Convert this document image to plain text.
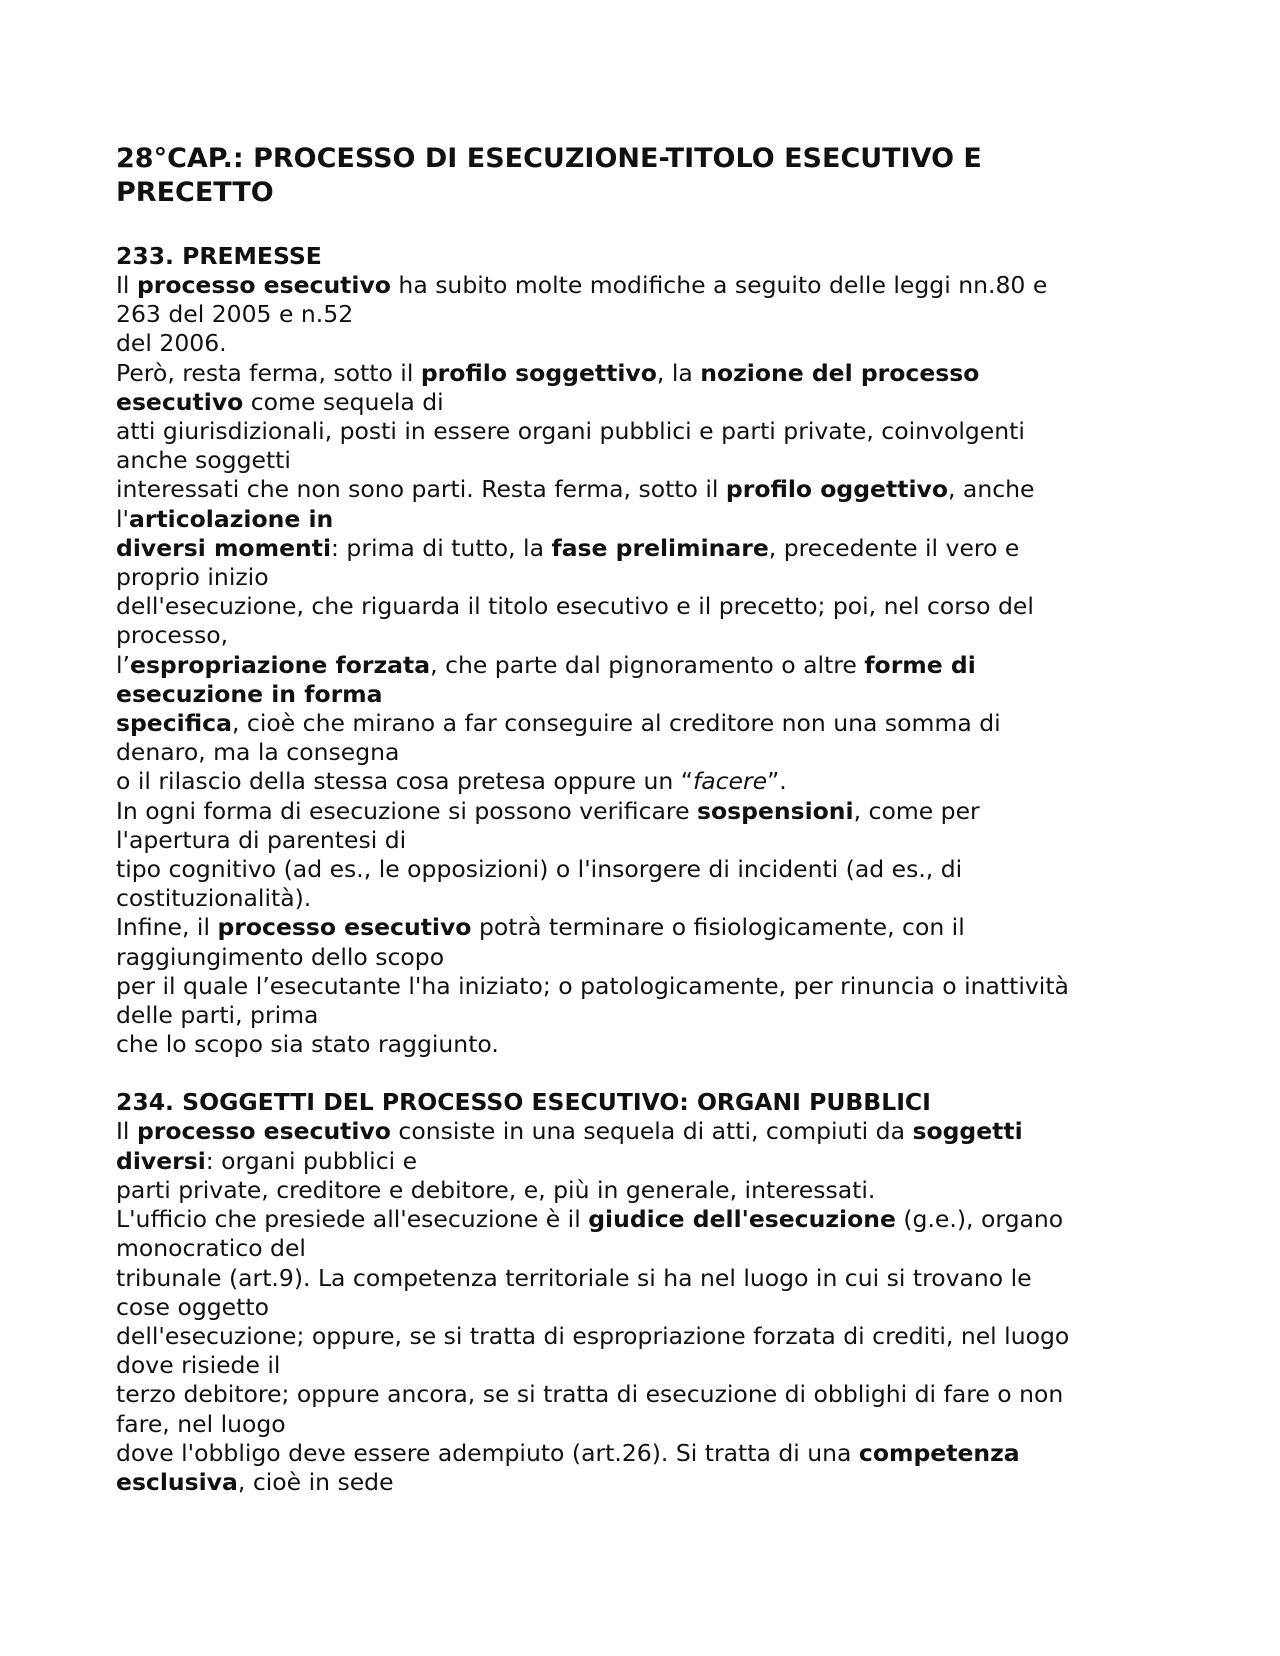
28°CAP.: PROCESSO DI ESECUZIONE-TITOLO ESECUTIVO E
PRECETTO
233. PREMESSE
Il processo esecutivo ha subito molte modifiche a seguito delle leggi nn.80 e
263 del 2005 e n.52
del 2006.
Però, resta ferma, sotto il profilo soggettivo, la nozione del processo
esecutivo come sequela di
atti giurisdizionali, posti in essere organi pubblici e parti private, coinvolgenti
anche soggetti
interessati che non sono parti. Resta ferma, sotto il profilo oggettivo, anche
l'articolazione in
diversi momenti: prima di tutto, la fase preliminare, precedente il vero e
proprio inizio
dell'esecuzione, che riguarda il titolo esecutivo e il precetto; poi, nel corso del
processo,
l’espropriazione forzata, che parte dal pignoramento o altre forme di
esecuzione in forma
specifica, cioè che mirano a far conseguire al creditore non una somma di
denaro, ma la consegna
o il rilascio della stessa cosa pretesa oppure un “facere”.
In ogni forma di esecuzione si possono verificare sospensioni, come per
l'apertura di parentesi di
tipo cognitivo (ad es., le opposizioni) o l'insorgere di incidenti (ad es., di
costituzionalità).
Infine, il processo esecutivo potrà terminare o fisiologicamente, con il
raggiungimento dello scopo
per il quale l’esecutante l'ha iniziato; o patologicamente, per rinuncia o inattività
delle parti, prima
che lo scopo sia stato raggiunto.
234. SOGGETTI DEL PROCESSO ESECUTIVO: ORGANI PUBBLICI
Il processo esecutivo consiste in una sequela di atti, compiuti da soggetti
diversi: organi pubblici e
parti private, creditore e debitore, e, più in generale, interessati.
L'ufficio che presiede all'esecuzione è il giudice dell'esecuzione (g.e.), organo
monocratico del
tribunale (art.9). La competenza territoriale si ha nel luogo in cui si trovano le
cose oggetto
dell'esecuzione; oppure, se si tratta di espropriazione forzata di crediti, nel luogo
dove risiede il
terzo debitore; oppure ancora, se si tratta di esecuzione di obblighi di fare o non
fare, nel luogo
dove l'obbligo deve essere adempiuto (art.26). Si tratta di una competenza
esclusiva, cioè in sede
